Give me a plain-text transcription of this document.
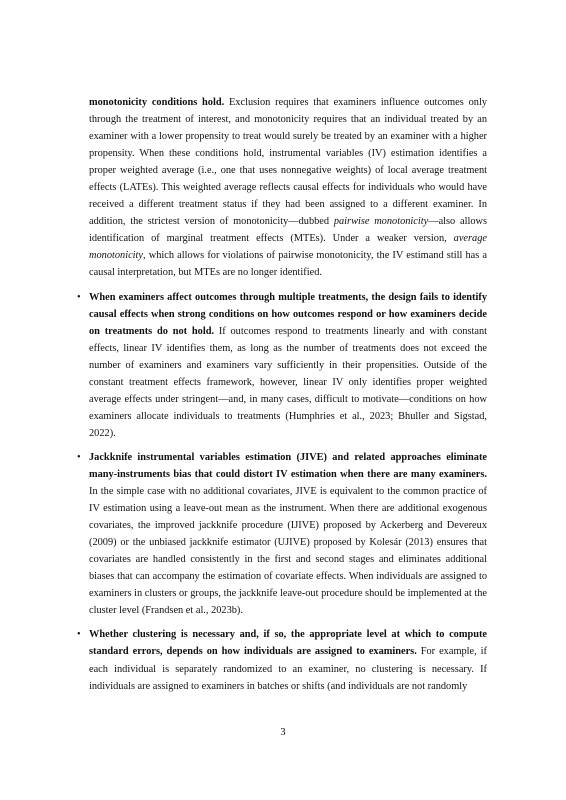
monotonicity conditions hold. Exclusion requires that examiners influence outcomes only through the treatment of interest, and monotonicity requires that an individual treated by an examiner with a lower propensity to treat would surely be treated by an examiner with a higher propensity. When these conditions hold, instrumental variables (IV) estimation identifies a proper weighted average (i.e., one that uses nonnegative weights) of local average treatment effects (LATEs). This weighted average reflects causal effects for individuals who would have received a different treatment status if they had been assigned to a different examiner. In addition, the strictest version of monotonicity—dubbed pairwise monotonicity—also allows identification of marginal treatment effects (MTEs). Under a weaker version, average monotonicity, which allows for violations of pairwise monotonicity, the IV estimand still has a causal interpretation, but MTEs are no longer identified.

• When examiners affect outcomes through multiple treatments, the design fails to identify causal effects when strong conditions on how outcomes respond or how examiners decide on treatments do not hold. If outcomes respond to treatments linearly and with constant effects, linear IV identifies them, as long as the number of treatments does not exceed the number of examiners and examiners vary sufficiently in their propensities. Outside of the constant treatment effects framework, however, linear IV only identifies proper weighted average effects under stringent—and, in many cases, difficult to motivate—conditions on how examiners allocate individuals to treatments (Humphries et al., 2023; Bhuller and Sigstad, 2022).
• Jackknife instrumental variables estimation (JIVE) and related approaches eliminate many-instruments bias that could distort IV estimation when there are many examiners. In the simple case with no additional covariates, JIVE is equivalent to the common practice of IV estimation using a leave-out mean as the instrument. When there are additional exogenous covariates, the improved jackknife procedure (IJIVE) proposed by Ackerberg and Devereux (2009) or the unbiased jackknife estimator (UJIVE) proposed by Kolesár (2013) ensures that covariates are handled consistently in the first and second stages and eliminates additional biases that can accompany the estimation of covariate effects. When individuals are assigned to examiners in clusters or groups, the jackknife leave-out procedure should be implemented at the cluster level (Frandsen et al., 2023b).
• Whether clustering is necessary and, if so, the appropriate level at which to compute standard errors, depends on how individuals are assigned to examiners. For example, if each individual is separately randomized to an examiner, no clustering is necessary. If individuals are assigned to examiners in batches or shifts (and individuals are not randomly
3
